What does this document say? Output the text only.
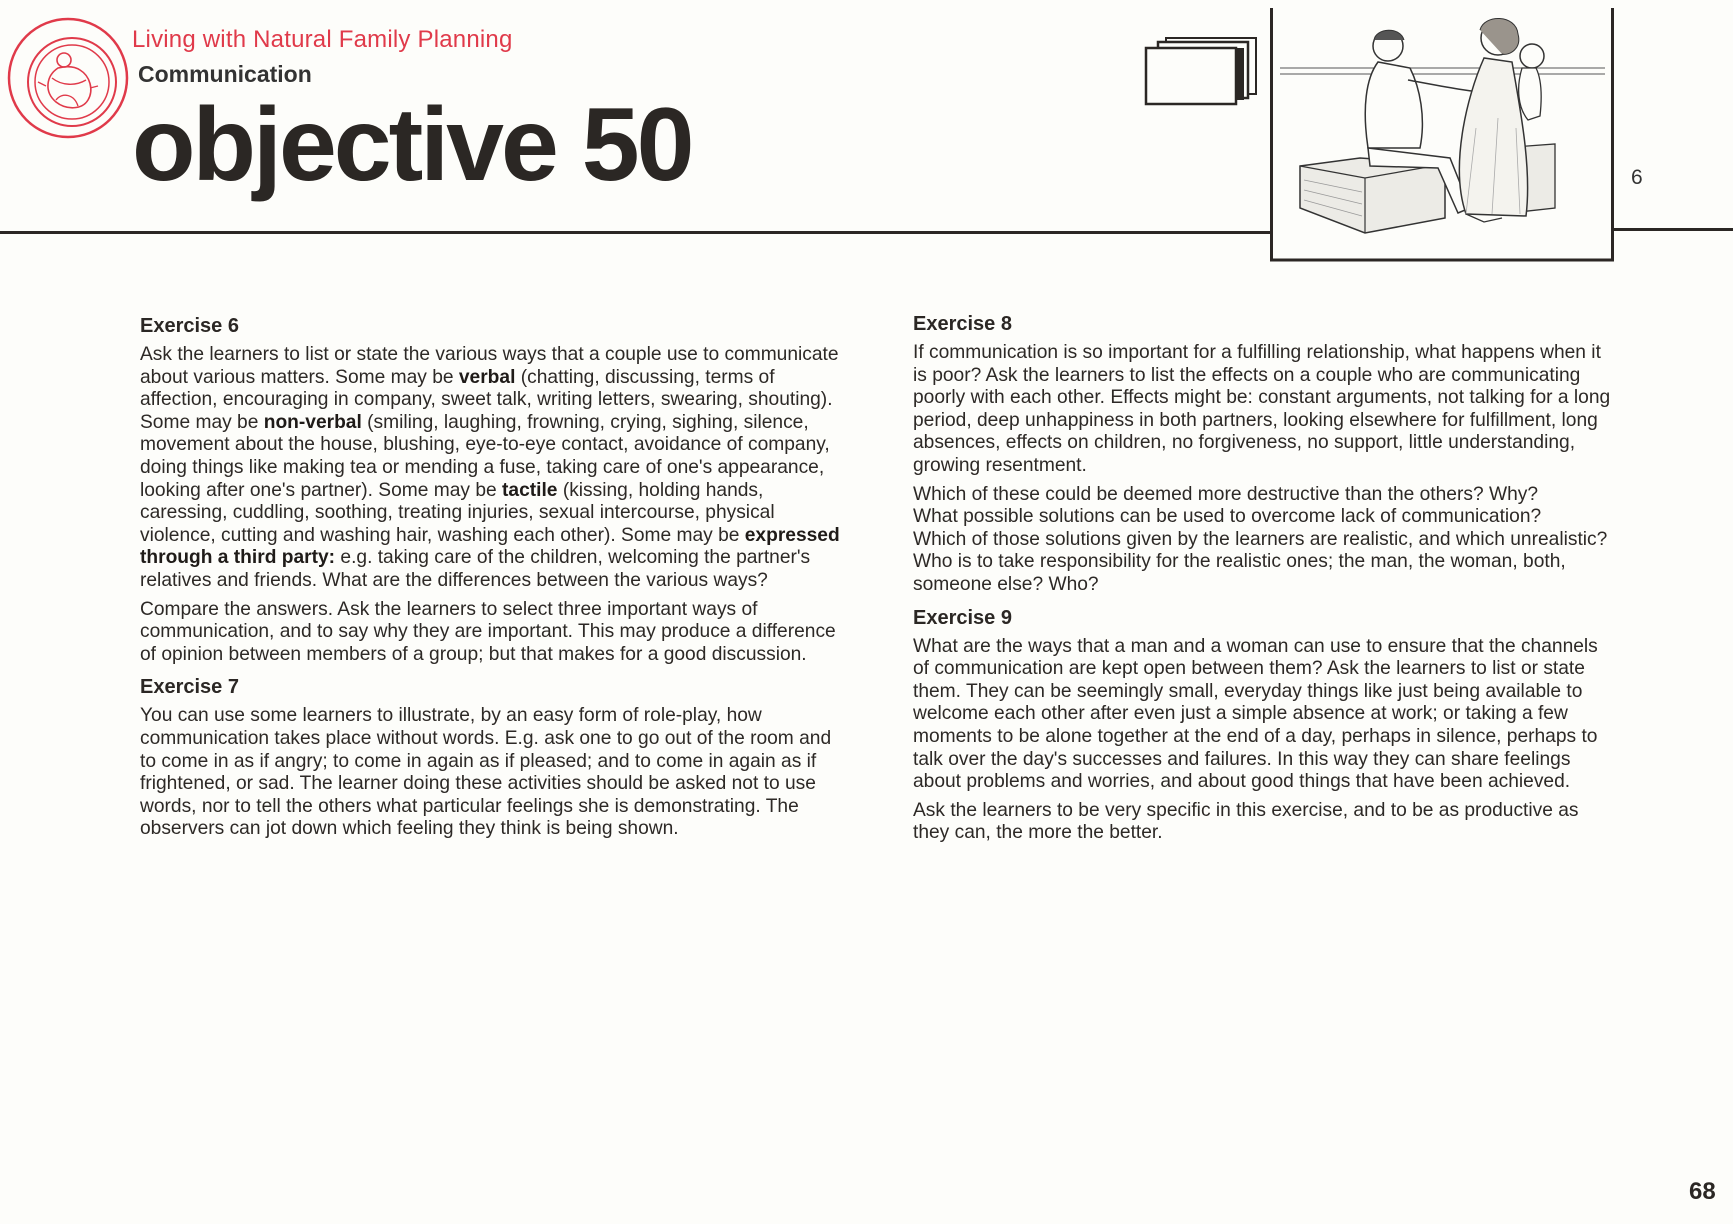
Living with Natural Family Planning
Communication
objective 50	6
Exercise 6

Ask the learners to list or state the various ways that a couple use to communicate about various matters. Some may be verbal (chatting, discussing, terms of affection, encouraging in company, sweet talk, writing letters, swearing, shouting). Some may be non-verbal (smiling, laughing, frowning, crying, sighing, silence, movement about the house, blushing, eye-to-eye contact, avoidance of company, doing things like making tea or mending a fuse, taking care of one's appearance, looking after one's partner). Some may be tactile (kissing, holding hands, caressing, cuddling, soothing, treating injuries, sexual intercourse, physical violence, cutting and washing hair, washing each other). Some may be expressed through a third party: e.g. taking care of the children, welcoming the partner's relatives and friends. What are the differences between the various ways?

Compare the answers. Ask the learners to select three important ways of communication, and to say why they are important. This may produce a difference of opinion between members of a group; but that makes for a good discussion.

Exercise 7

You can use some learners to illustrate, by an easy form of role-play, how communication takes place without words. E.g. ask one to go out of the room and to come in as if angry; to come in again as if pleased; and to come in again as if frightened, or sad. The learner doing these activities should be asked not to use words, nor to tell the others what particular feelings she is demonstrating. The observers can jot down which feeling they think is being shown.

Exercise 8

If communication is so important for a fulfilling relationship, what happens when it is poor? Ask the learners to list the effects on a couple who are communicating poorly with each other. Effects might be: constant arguments, not talking for a long period, deep unhappiness in both partners, looking elsewhere for fulfillment, long absences, effects on children, no forgiveness, no support, little understanding, growing resentment.

Which of these could be deemed more destructive than the others? Why?

What possible solutions can be used to overcome lack of communication?

Which of those solutions given by the learners are realistic, and which unrealistic? Who is to take responsibility for the realistic ones; the man, the woman, both, someone else? Who?

Exercise 9

What are the ways that a man and a woman can use to ensure that the channels of communication are kept open between them? Ask the learners to list or state them. They can be seemingly small, everyday things like just being available to welcome each other after even just a simple absence at work; or taking a few moments to be alone together at the end of a day, perhaps in silence, perhaps to talk over the day's successes and failures. In this way they can share feelings about problems and worries, and about good things that have been achieved.

Ask the learners to be very specific in this exercise, and to be as productive as they can, the more the better.

68
